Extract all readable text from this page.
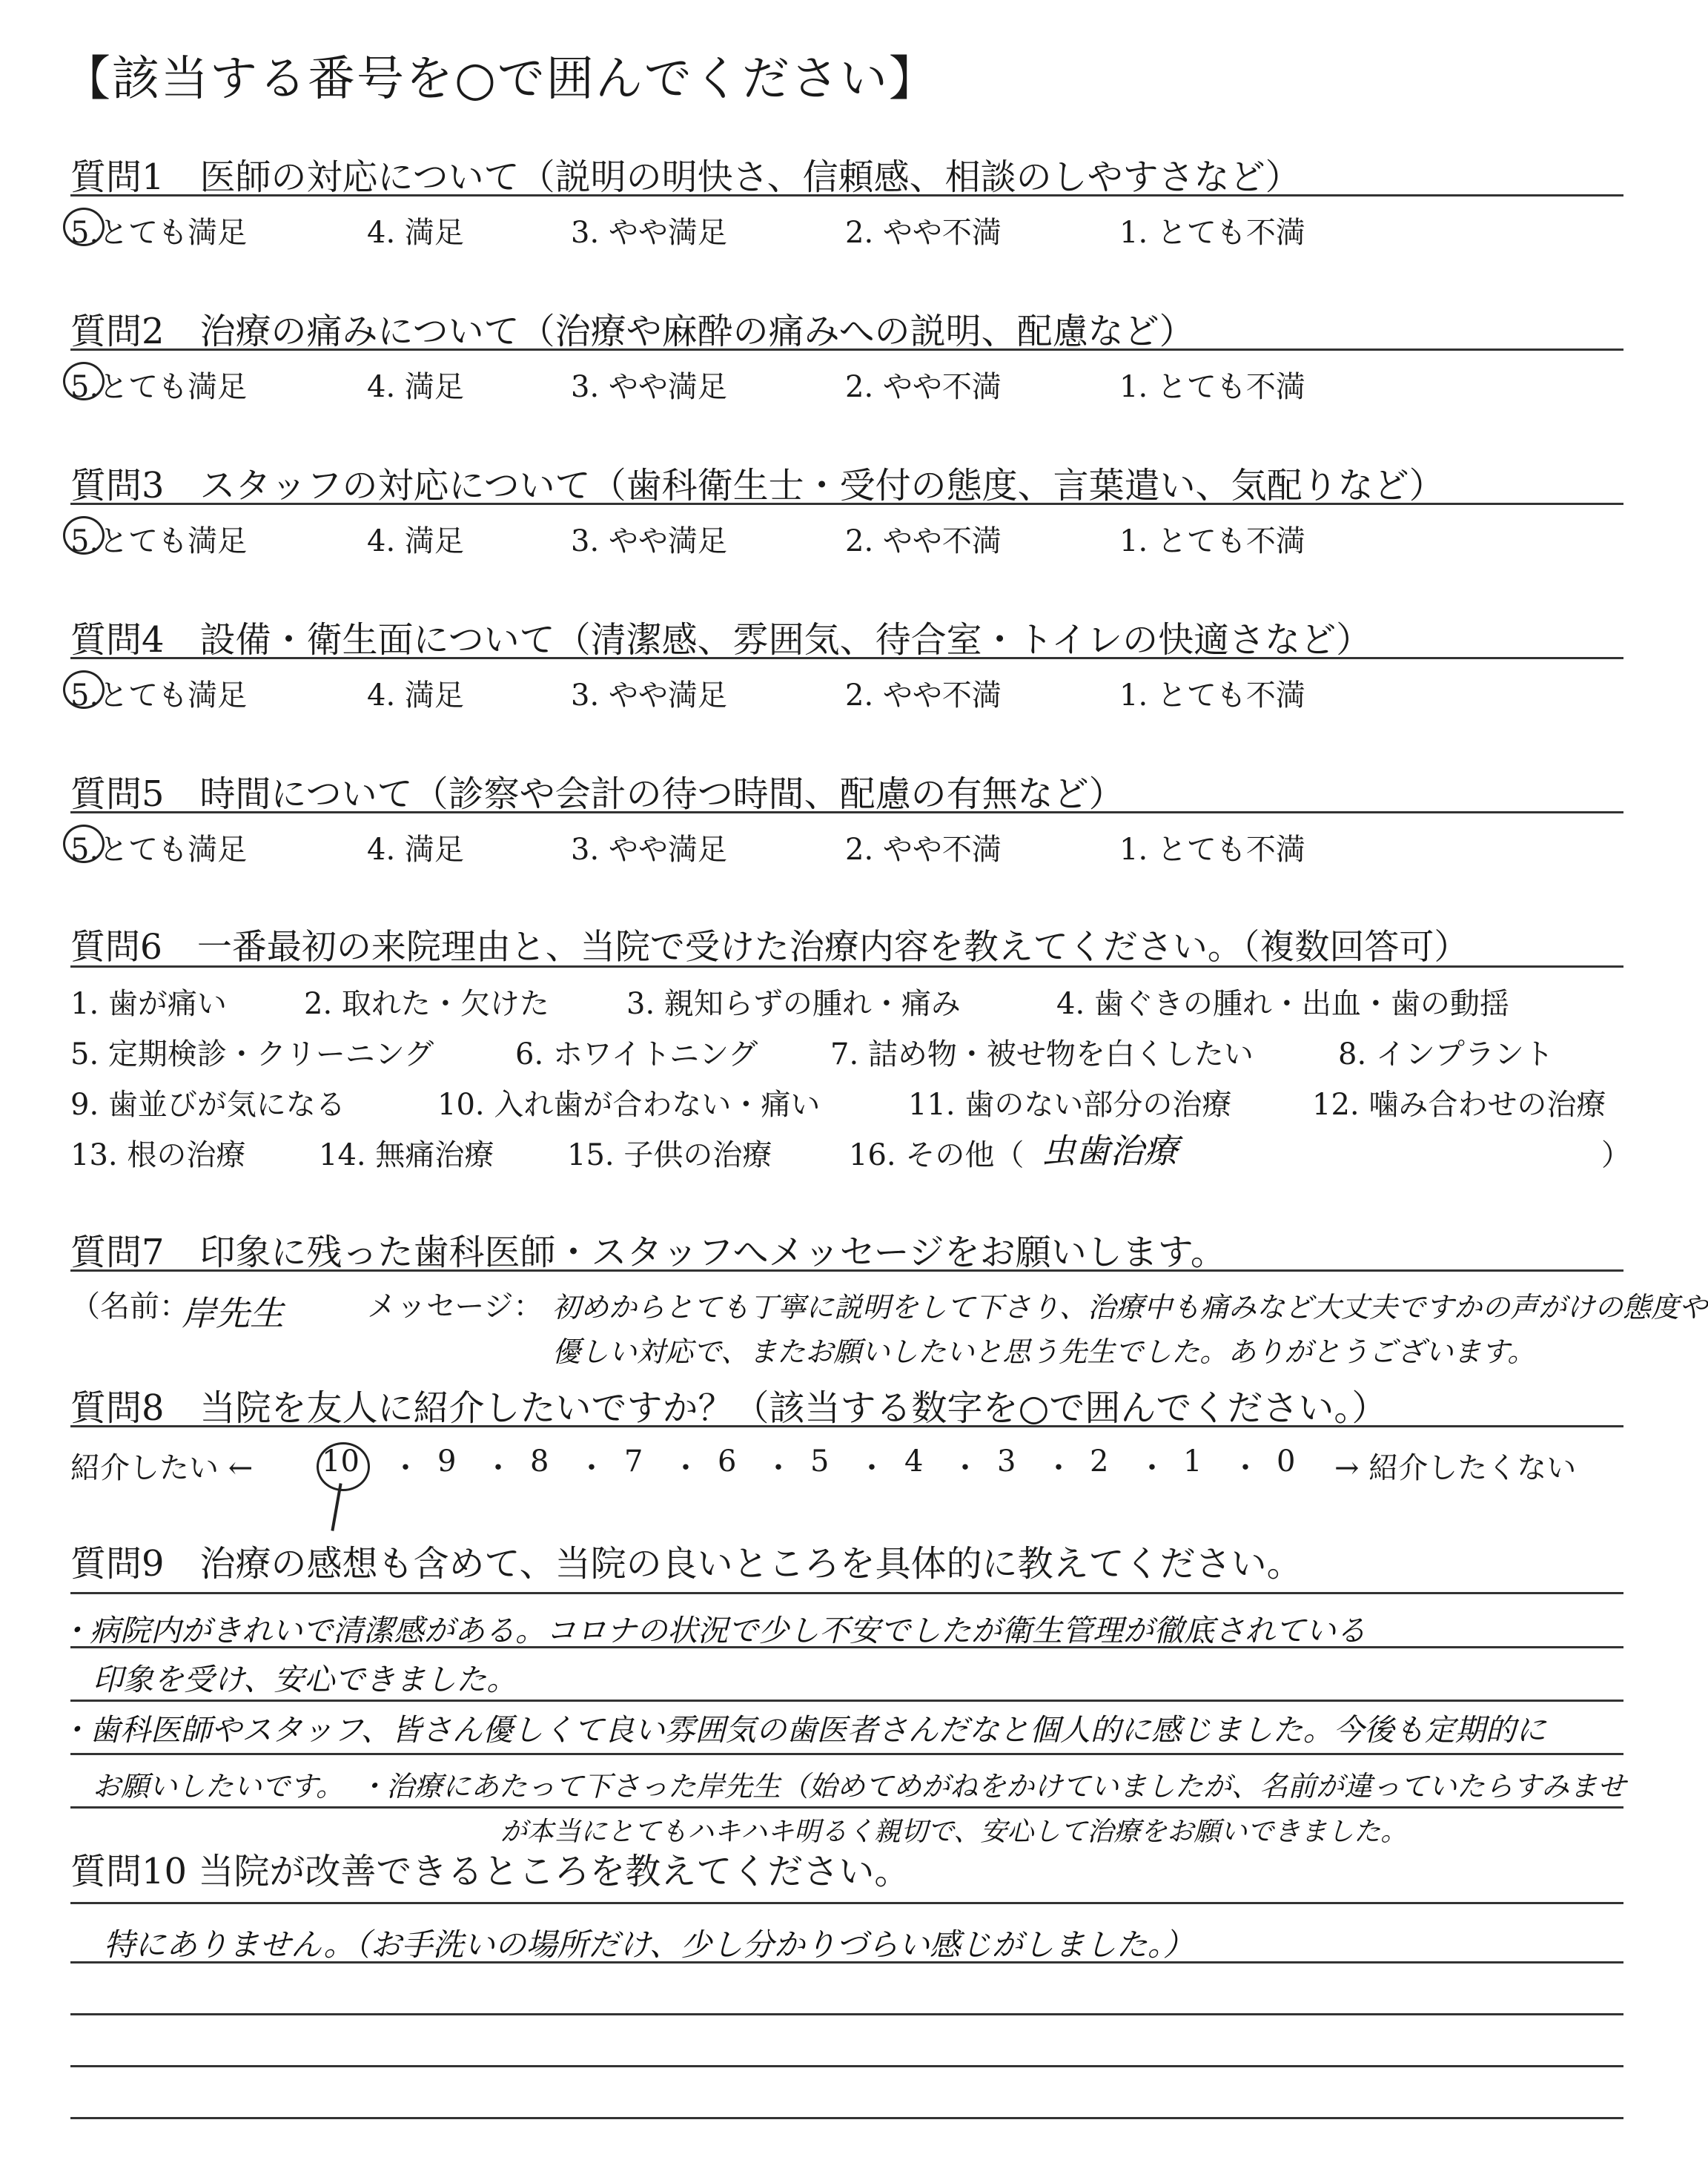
【該当する番号を○で囲んでください】
質問1　医師の対応について（説明の明快さ、信頼感、相談のしやすさなど）
5.とても満足	4. 満足	3. やや満足	2. やや不満	1. とても不満
質問2　治療の痛みについて（治療や麻酔の痛みへの説明、配慮など）
5.とても満足	4. 満足	3. やや満足	2. やや不満	1. とても不満
質問3　スタッフの対応について（歯科衛生士・受付の態度、言葉遣い、気配りなど）
5.とても満足	4. 満足	3. やや満足	2. やや不満	1. とても不満
質問4　設備・衛生面について（清潔感、雰囲気、待合室・トイレの快適さなど）
5.とても満足	4. 満足	3. やや満足	2. やや不満	1. とても不満
質問5　時間について（診察や会計の待つ時間、配慮の有無など）
5.とても満足	4. 満足	3. やや満足	2. やや不満	1. とても不満
質問6　一番最初の来院理由と、当院で受けた治療内容を教えてください。（複数回答可）
1. 歯が痛い	2. 取れた・欠けた	3. 親知らずの腫れ・痛み	4. 歯ぐきの腫れ・出血・歯の動揺
5. 定期検診・クリーニング	6. ホワイトニング 7. 詰め物・被せ物を白くしたい	8. インプラント
9. 歯並びが気になる	10. 入れ歯が合わない・痛い	11. 歯のない部分の治療	12. 噛み合わせの治療
13. 根の治療 14. 無痛治療 15. 子供の治療	16. その他（ 虫歯治療	）
質問7　印象に残った歯科医師・スタッフへメッセージをお願いします。
（名前：
岸先生	メッセージ： 初めからとても丁寧に説明をして下さり、治療中も痛みなど大丈夫ですかの声がけの態度や
優しい対応で、またお願いしたいと思う先生でした。ありがとうございます。
質問8　当院を友人に紹介したいですか？（該当する数字を○で囲んでください。）
紹介したい ← 10 ・ 9 ・ 8 ・ 7 ・ 6 ・ 5 ・ 4 ・ 3 ・ 2 ・ 1 ・ 0 → 紹介したくない
質問9　治療の感想も含めて、当院の良いところを具体的に教えてください。
・病院内がきれいで清潔感がある。コロナの状況で少し不安でしたが衛生管理が徹底されている
印象を受け、安心できました。
・歯科医師やスタッフ、皆さん優しくて良い雰囲気の歯医者さんだなと個人的に感じました。今後も定期的に
お願いしたいです。　・治療にあたって下さった岸先生（始めてめがねをかけていましたが、名前が違っていたらすみませ
が本当にとてもハキハキ明るく親切で、安心して治療をお願いできました。
質問10 当院が改善できるところを教えてください。
特にありません。（お手洗いの場所だけ、少し分かりづらい感じがしました。）
